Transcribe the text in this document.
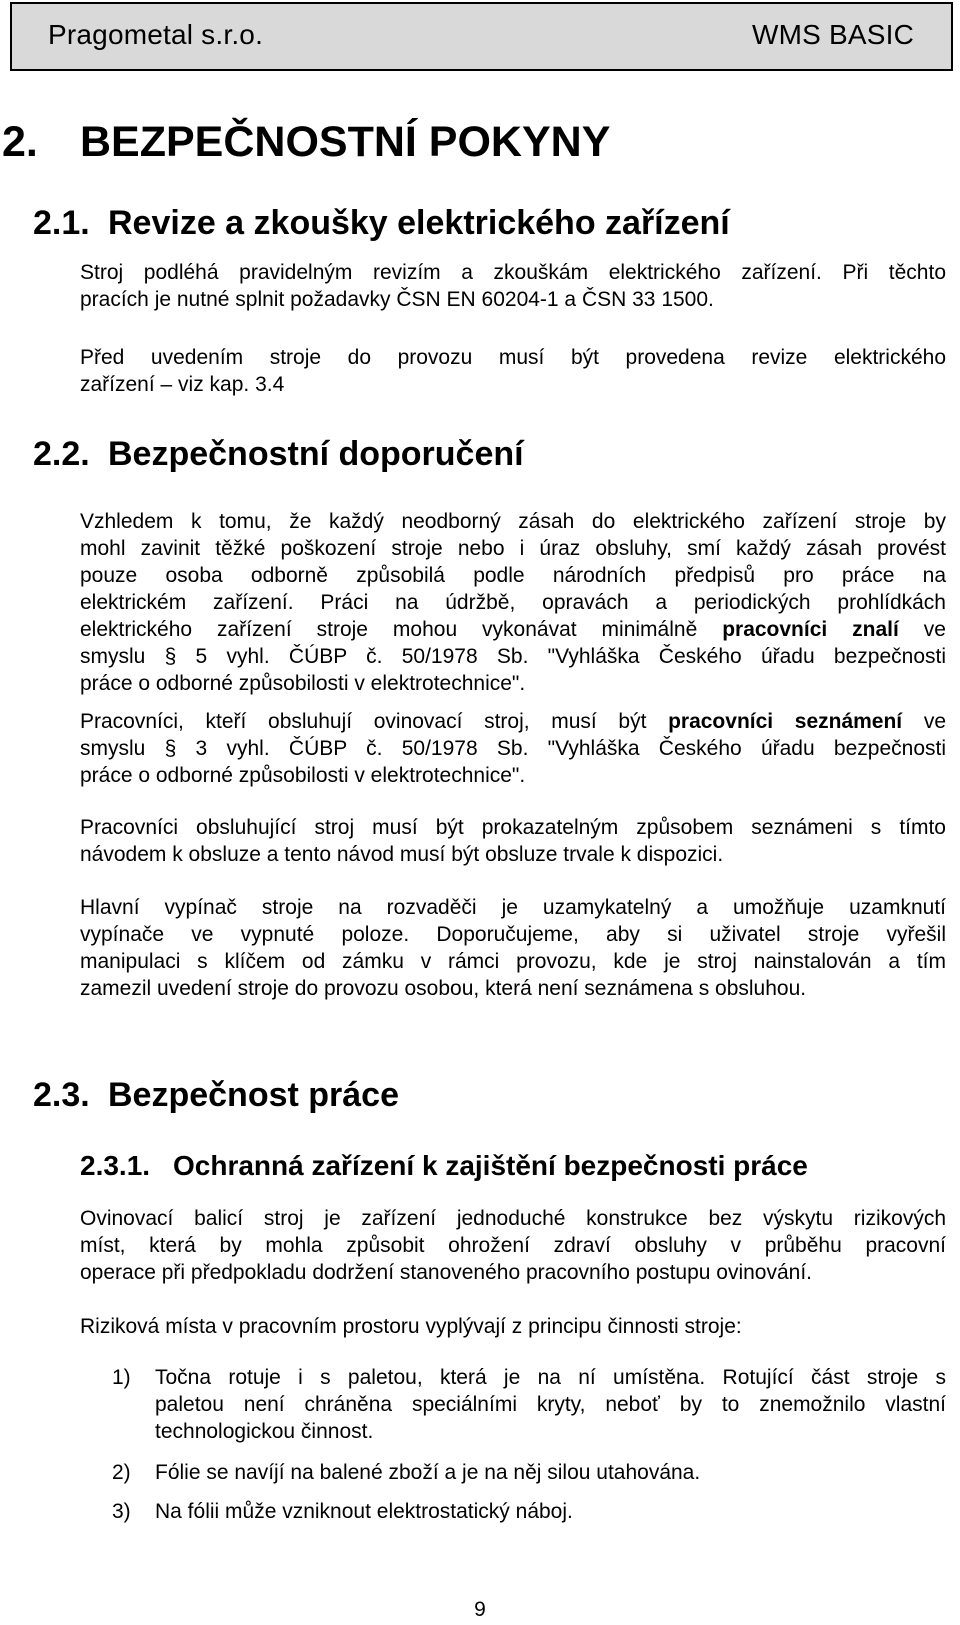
Pragometal s.r.o.	WMS BASIC
2. BEZPEČNOSTNÍ POKYNY
2.1. Revize a zkoušky elektrického zařízení
Stroj podléhá pravidelným revizím a zkouškám elektrického zařízení. Při těchto
pracích je nutné splnit požadavky ČSN EN 60204-1 a ČSN 33 1500.
Před uvedením stroje do provozu musí být provedena revize elektrického
zařízení – viz kap. 3.4
2.2. Bezpečnostní doporučení
Vzhledem k tomu, že každý neodborný zásah do elektrického zařízení stroje by
mohl zavinit těžké poškození stroje nebo i úraz obsluhy, smí každý zásah provést
pouze osoba odborně způsobilá podle národních předpisů pro práce na
elektrickém zařízení. Práci na údržbě, opravách a periodických prohlídkách
elektrického zařízení stroje mohou vykonávat minimálně pracovníci znalí ve
smyslu § 5 vyhl. ČÚBP č. 50/1978 Sb. "Vyhláška Českého úřadu bezpečnosti
práce o odborné způsobilosti v elektrotechnice".
Pracovníci, kteří obsluhují ovinovací stroj, musí být pracovníci seznámení ve
smyslu § 3 vyhl. ČÚBP č. 50/1978 Sb. "Vyhláška Českého úřadu bezpečnosti
práce o odborné způsobilosti v elektrotechnice".
Pracovníci obsluhující stroj musí být prokazatelným způsobem seznámeni s tímto
návodem k obsluze a tento návod musí být obsluze trvale k dispozici.
Hlavní vypínač stroje na rozvaděči je uzamykatelný a umožňuje uzamknutí
vypínače ve vypnuté poloze. Doporučujeme, aby si uživatel stroje vyřešil
manipulaci s klíčem od zámku v rámci provozu, kde je stroj nainstalován a tím
zamezil uvedení stroje do provozu osobou, která není seznámena s obsluhou.
2.3. Bezpečnost práce
2.3.1. Ochranná zařízení k zajištění bezpečnosti práce
Ovinovací balicí stroj je zařízení jednoduché konstrukce bez výskytu rizikových
míst, která by mohla způsobit ohrožení zdraví obsluhy v průběhu pracovní
operace při předpokladu dodržení stanoveného pracovního postupu ovinování.
Riziková místa v pracovním prostoru vyplývají z principu činnosti stroje:
1) Točna rotuje i s paletou, která je na ní umístěna. Rotující část stroje s
paletou není chráněna speciálními kryty, neboť by to znemožnilo vlastní
technologickou činnost.
2) Fólie se navíjí na balené zboží a je na něj silou utahována.
3) Na fólii může vzniknout elektrostatický náboj.
9
